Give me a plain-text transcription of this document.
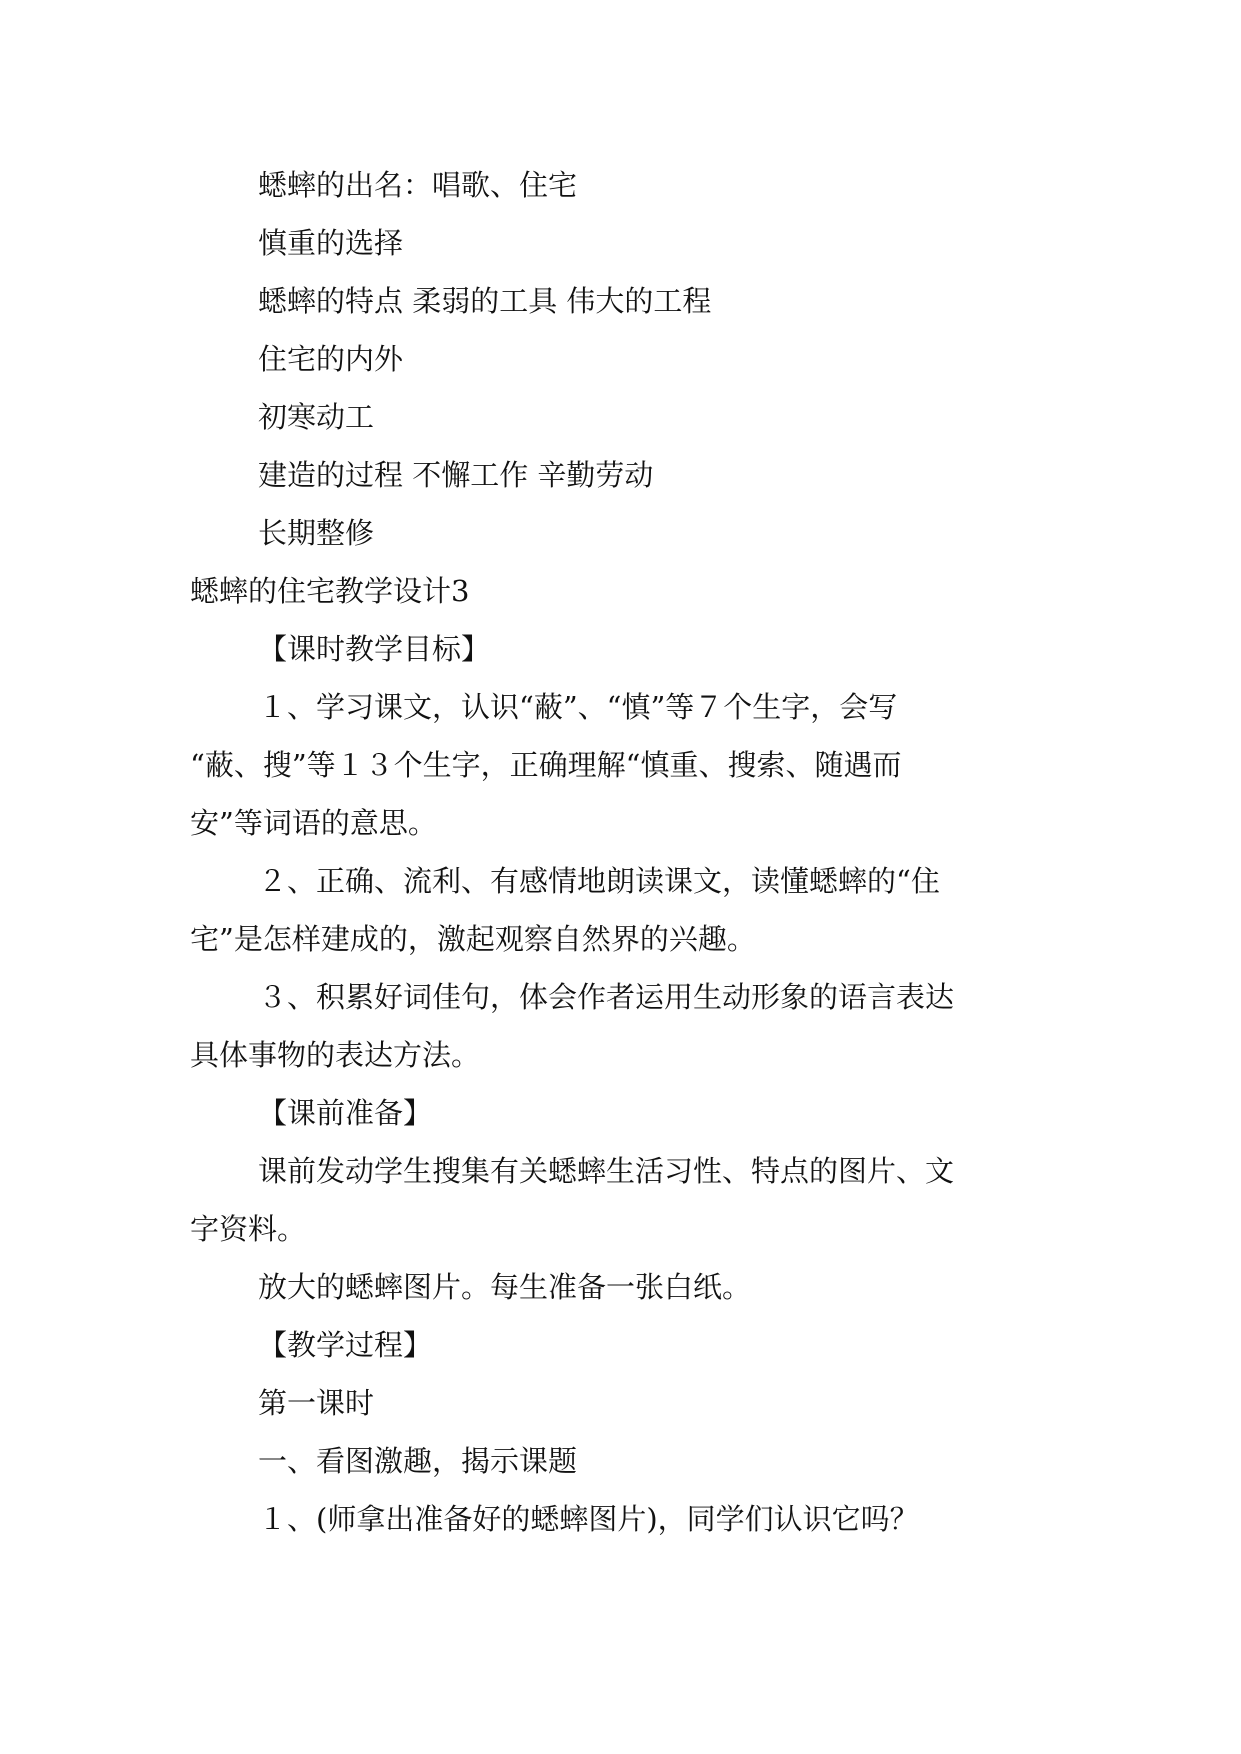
蟋蟀的出名：唱歌、住宅
慎重的选择
蟋蟀的特点 柔弱的工具 伟大的工程
住宅的内外
初寒动工
建造的过程 不懈工作 辛勤劳动
长期整修
蟋蟀的住宅教学设计3
【课时教学目标】
１、学习课文，认识“蔽”、“慎”等７个生字，会写
“蔽、搜”等１３个生字，正确理解“慎重、搜索、随遇而
安”等词语的意思。
２、正确、流利、有感情地朗读课文，读懂蟋蟀的“住
宅”是怎样建成的，激起观察自然界的兴趣。
３、积累好词佳句，体会作者运用生动形象的语言表达
具体事物的表达方法。
【课前准备】
课前发动学生搜集有关蟋蟀生活习性、特点的图片、文
字资料。
放大的蟋蟀图片。每生准备一张白纸。
【教学过程】
第一课时
一、看图激趣，揭示课题
１、(师拿出准备好的蟋蟀图片)，同学们认识它吗？
